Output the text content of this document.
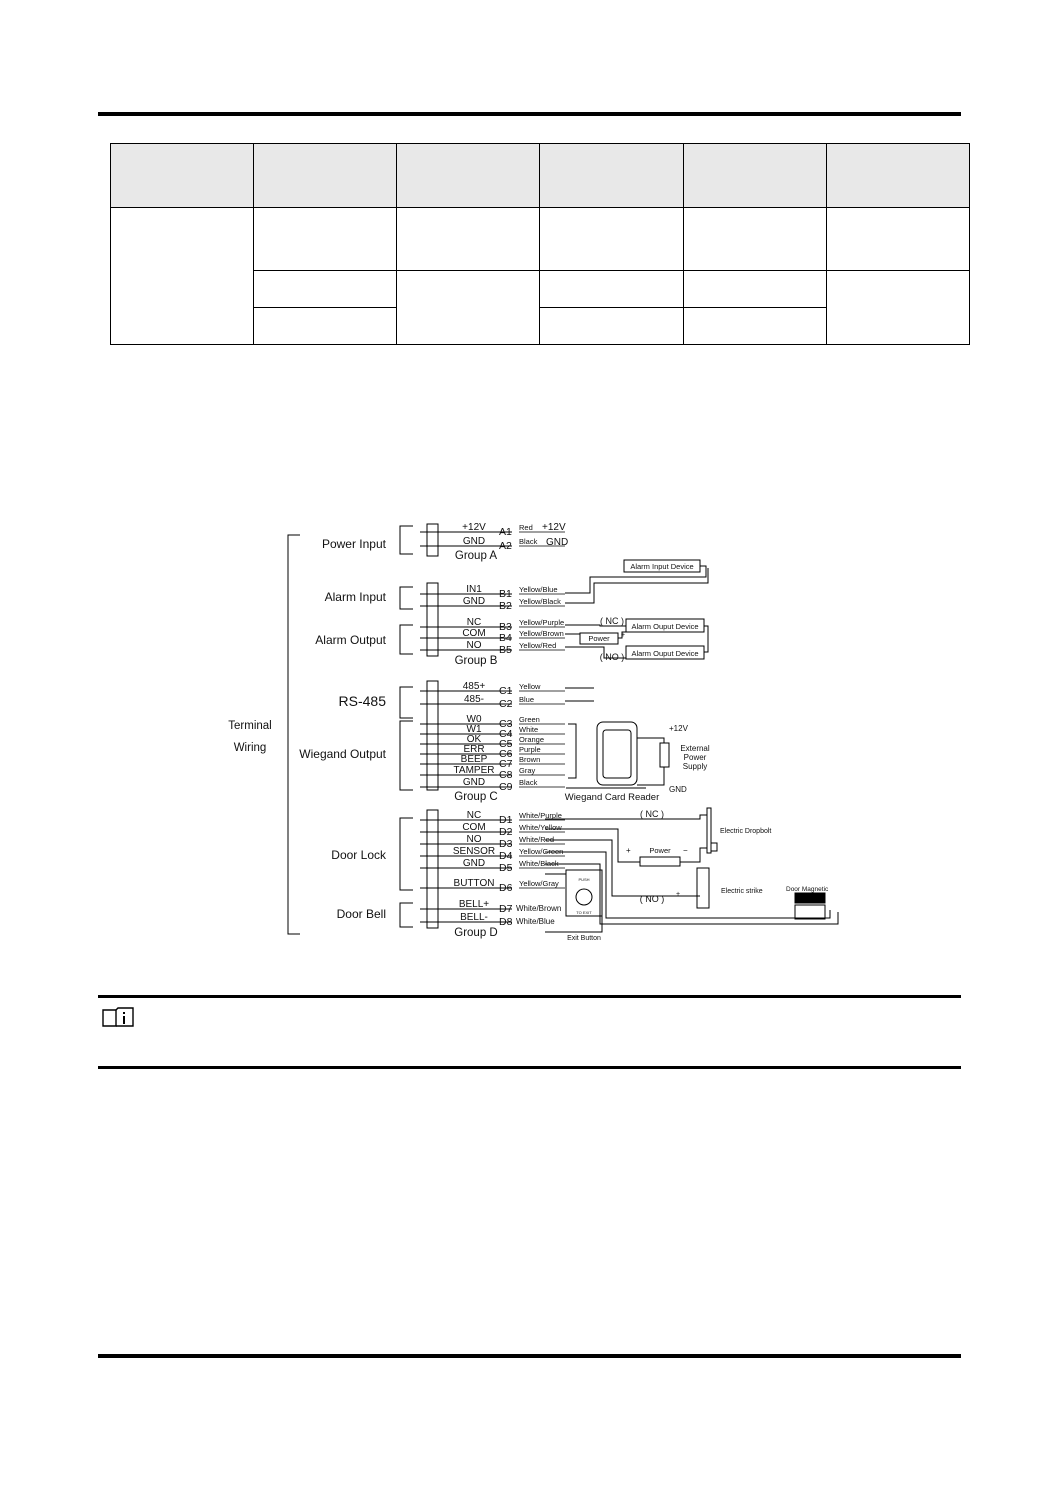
Terminal
Wiring
Group A
Power Input
+12V A1 Red
GND A2 Black
Group B
Alarm Input
IN1 B1 Yellow/Blue
GND B2 Yellow/Black
Alarm Output
NC B3 Yellow/Purple
COM B4 Yellow/Brown
NO B5 Yellow/Red
Group C
RS-485
485+ C1 Yellow
485- C2 Blue
Wiegand Output
W0 C3 Green
W1 C4 White
OK C5 Orange
ERR C6 Purple
BEEP C7 Brown
TAMPER C8 Gray
GND C9 Black
Group D
Door Lock
NC D1 White/Purple
COM D2 White/Yellow
NO D3 White/Red
SENSOR D4 Yellow/Green
GND D5 White/Black
BUTTON D6 Yellow/Gray
Door Bell
BELL+ D7 White/Brown
BELL- D8 White/Blue
+12V
GND
Alarm Input Device
Alarm Ouput Device
Alarm Ouput Device
Power
( NC )
( NO )
+
Wiegand Card Reader
+12V
External
Power
Supply
GND
( NC )
( NO )
Power
+	−
+
Electric Dropbolt
Electric strike	Door Magnetic
Exit Button
PUSH
TO EXIT
